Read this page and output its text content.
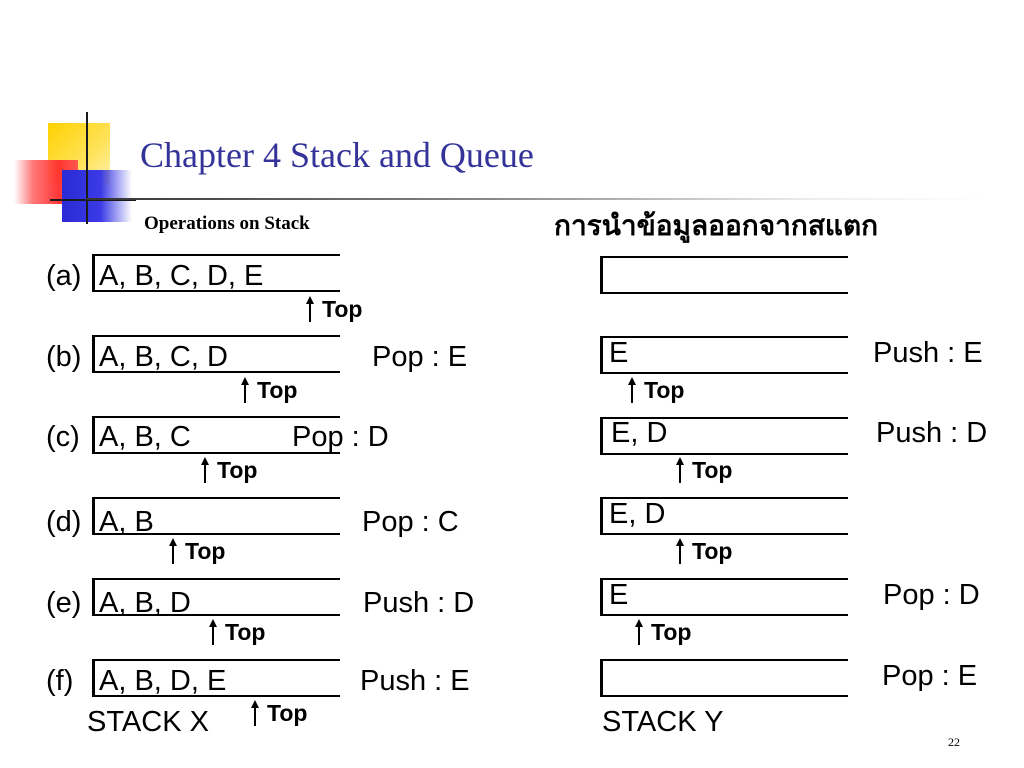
Chapter 4 Stack and Queue
Operations on Stack	การนำข้อมูลออกจากสแตก
(a) A, B, C, D, E
Top
(b) A, B, C, D	Pop : E
Top
(c) A, B, C	Pop : D
Top
(d) A, B	Pop : C
Top
(e) A, B, D	Push : D
Top
(f) A, B, D, E	Push : E
Top
STACK X
E	Push : E
Top
E, D	Push : D
Top
E, D
Top
E	Pop : D
Top
Pop : E
STACK Y
22
